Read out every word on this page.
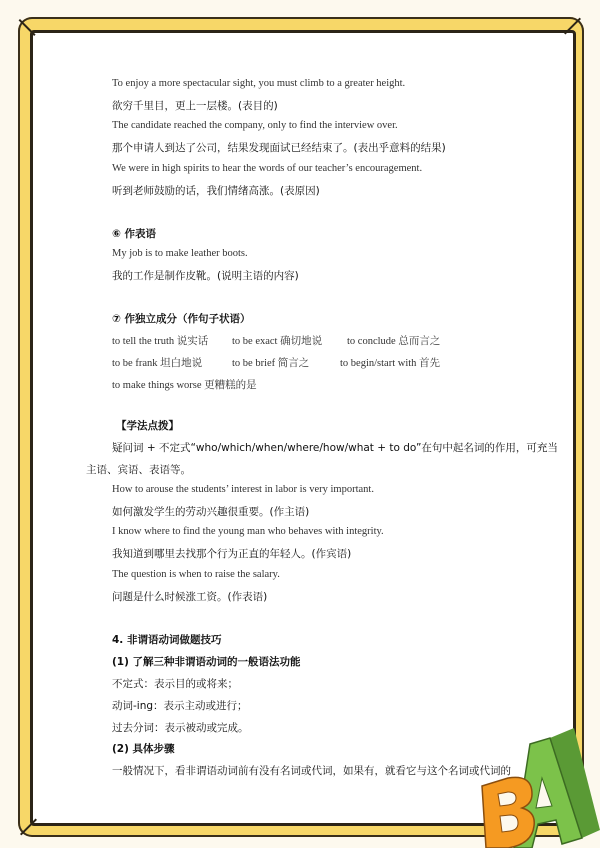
To enjoy a more spectacular sight, you must climb to a greater height.
欲穷千里目，更上一层楼。(表目的)
The candidate reached the company, only to find the interview over.
那个申请人到达了公司，结果发现面试已经结束了。(表出乎意料的结果)
We were in high spirits to hear the words of our teacher’s encouragement.
听到老师鼓励的话，我们情绪高涨。(表原因)
⑥ 作表语
My job is to make leather boots.
我的工作是制作皮靴。(说明主语的内容)
⑦ 作独立成分（作句子状语）
to tell the truth 说实话 to be exact 确切地说 to conclude 总而言之
to be frank 坦白地说	to be brief 简言之	to begin/start with 首先
to make things worse 更糟糕的是
【学法点拨】
疑问词 + 不定式“who/which/when/where/how/what + to do”在句中起名词的作用，可充当
主语、宾语、表语等。
How to arouse the students’ interest in labor is very important.
如何激发学生的劳动兴趣很重要。(作主语)
I know where to find the young man who behaves with integrity.
我知道到哪里去找那个行为正直的年轻人。(作宾语)
The question is when to raise the salary.
问题是什么时候涨工资。(作表语)
4. 非谓语动词做题技巧
(1) 了解三种非谓语动词的一般语法功能
不定式：表示目的或将来；
动词-ing：表示主动或进行；
过去分词：表示被动或完成。
(2) 具体步骤
一般情况下，看非谓语动词前有没有名词或代词，如果有，就看它与这个名词或代词的
